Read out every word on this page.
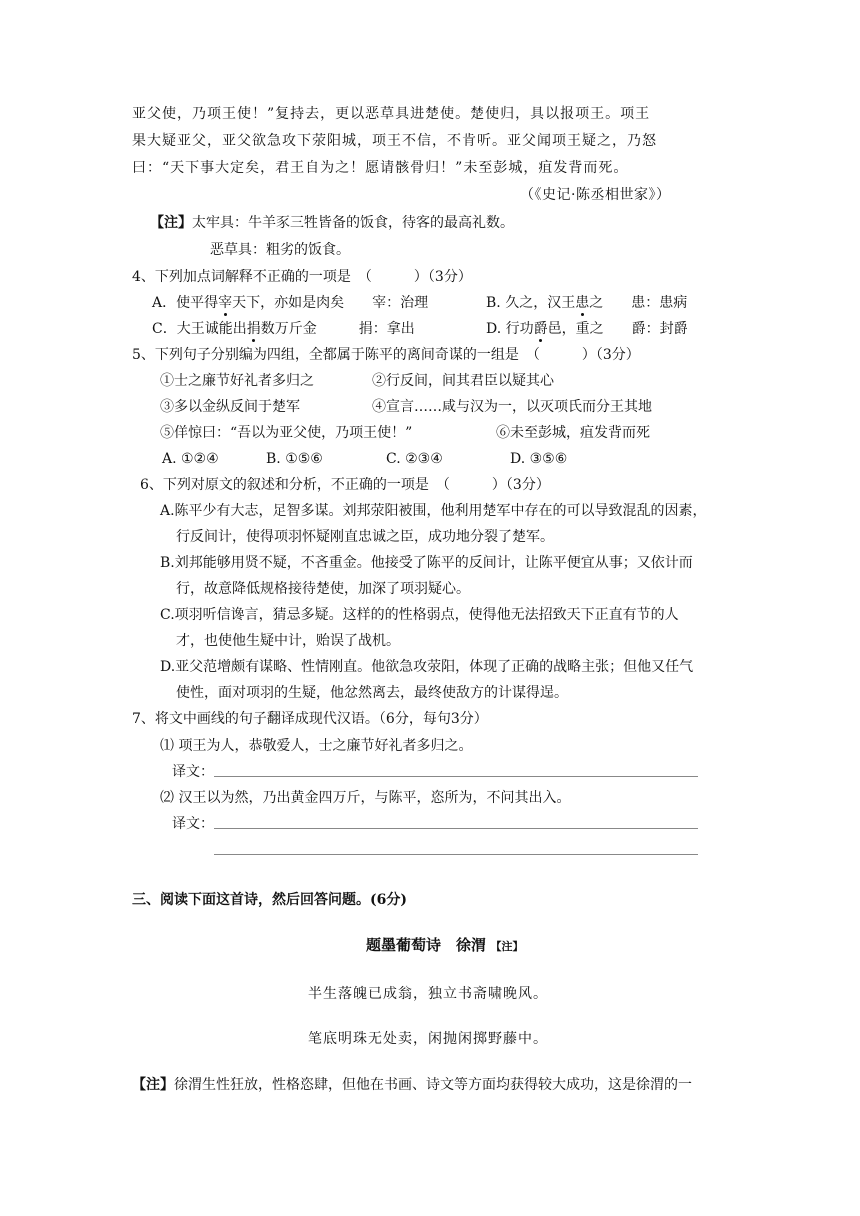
亚父使，乃项王使！”复持去，更以恶草具进楚使。楚使归，具以报项王。项王
果大疑亚父，亚父欲急攻下荥阳城，项王不信，不肯听。亚父闻项王疑之，乃怒
曰：“天下事大定矣，君王自为之！愿请骸骨归！”未至彭城，疽发背而死。
（《史记·陈丞相世家》）
【注】太牢具：牛羊豕三牲皆备的饭食，待客的最高礼数。
恶草具：粗劣的饭食。
4、下列加点词解释不正确的一项是　（　　　）（3分）
A．使平得宰天下，亦如是肉矣　　宰：治理	B. 久之，汉王患之　　患：患病
C．大王诚能出捐数万斤金　　　捐：拿出	D. 行功爵邑，重之　　爵：封爵
5、下列句子分别编为四组，全都属于陈平的离间奇谋的一组是　（　　　）（3分）
①士之廉节好礼者多归之	②行反间，间其君臣以疑其心
③多以金纵反间于楚军	④宣言……咸与汉为一，以灭项氏而分王其地
⑤佯惊曰：“吾以为亚父使，乃项王使！”	⑥未至彭城，疽发背而死
A. ①②④	B. ①⑤⑥	C. ②③④	D. ③⑤⑥
6、下列对原文的叙述和分析，不正确的一项是　（　　　）（3分）
A.陈平少有大志，足智多谋。刘邦荥阳被围，他利用楚军中存在的可以导致混乱的因素，
行反间计，使得项羽怀疑刚直忠诚之臣，成功地分裂了楚军。
B.刘邦能够用贤不疑，不吝重金。他接受了陈平的反间计，让陈平便宜从事；又依计而
行，故意降低规格接待楚使，加深了项羽疑心。
C.项羽听信谗言，猜忌多疑。这样的的性格弱点，使得他无法招致天下正直有节的人
才，也使他生疑中计，贻误了战机。
D.亚父范增颇有谋略、性情刚直。他欲急攻荥阳，体现了正确的战略主张；但他又任气
使性，面对项羽的生疑，他忿然离去，最终使敌方的计谋得逞。
7、将文中画线的句子翻译成现代汉语。（6分，每句3分）
⑴ 项王为人，恭敬爱人，士之廉节好礼者多归之。
译文：
⑵ 汉王以为然，乃出黄金四万斤，与陈平，恣所为，不问其出入。
译文：
三、阅读下面这首诗，然后回答问题。(6分)
题墨葡萄诗　徐渭 【注】
半生落魄已成翁，独立书斋啸晚风。
笔底明珠无处卖，闲抛闲掷野藤中。
【注】徐渭生性狂放，性格恣肆，但他在书画、诗文等方面均获得较大成功，这是徐渭的一
